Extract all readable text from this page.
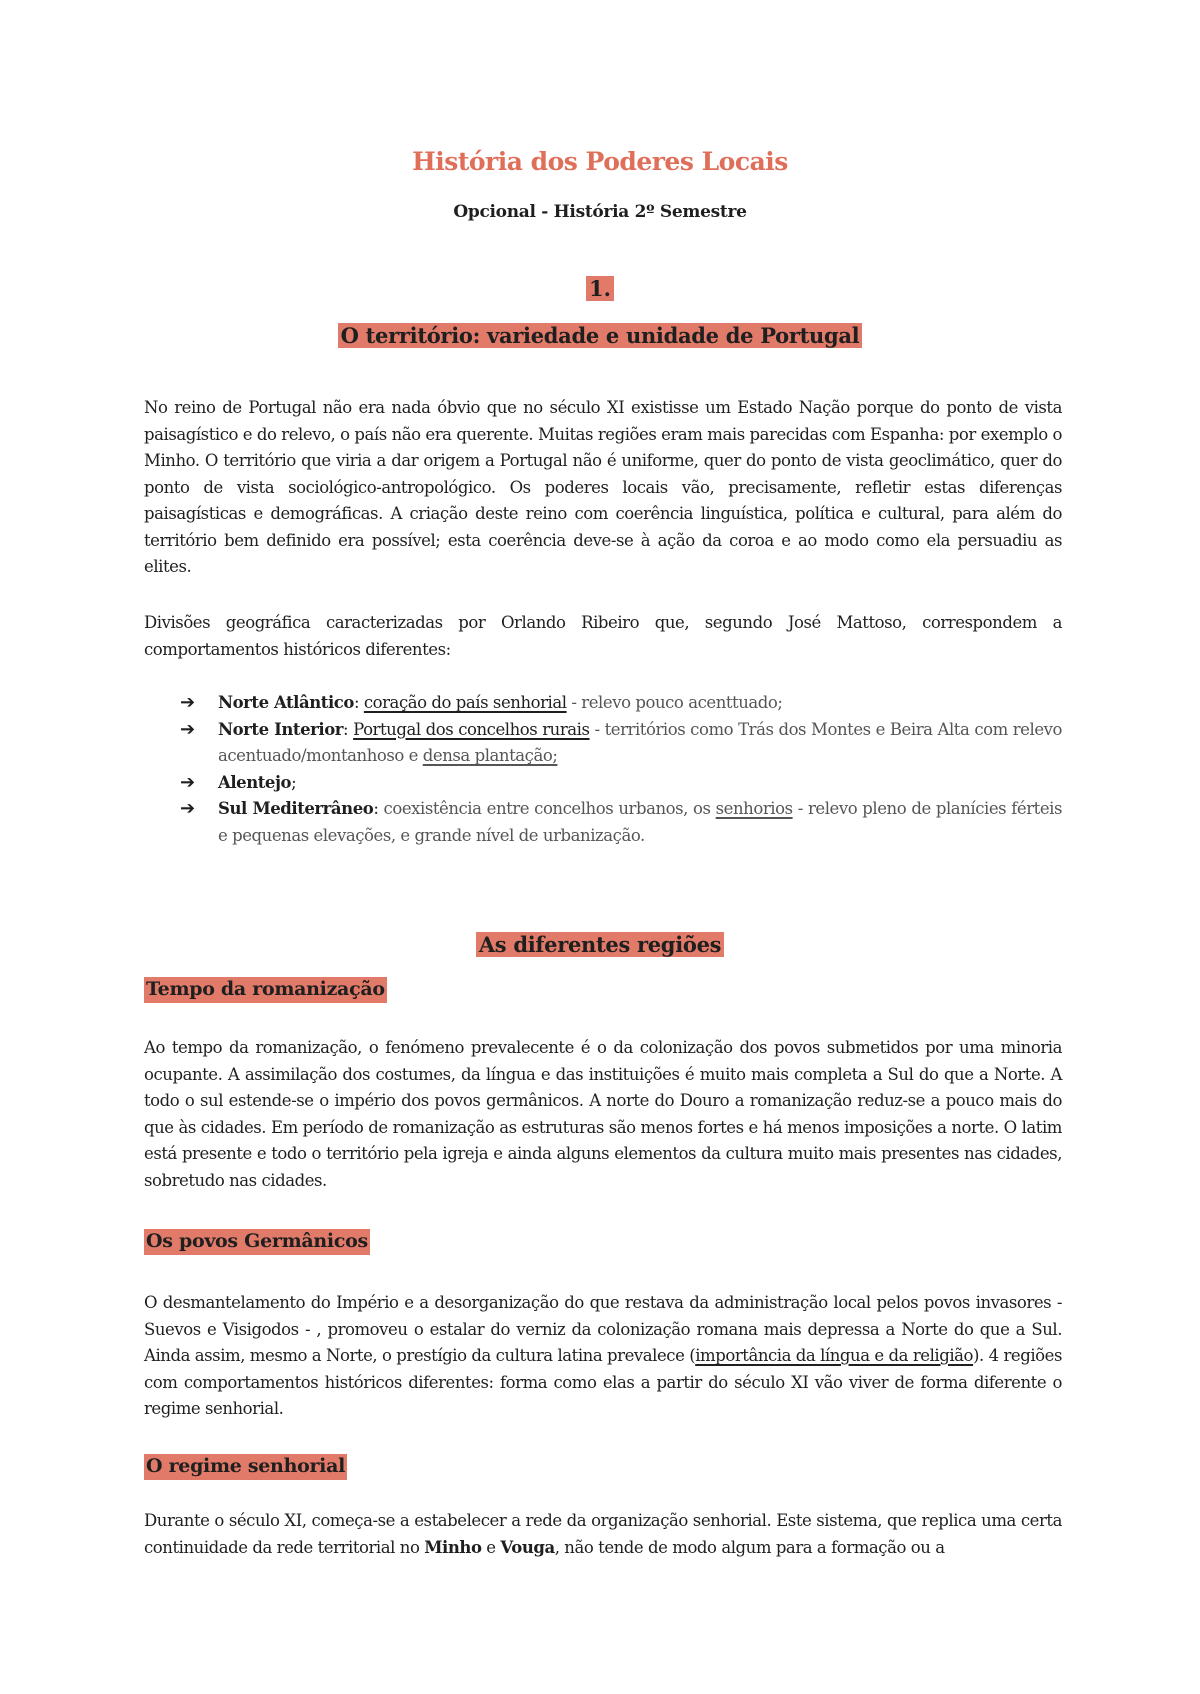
História dos Poderes Locais
Opcional - História 2º Semestre
1.
O território: variedade e unidade de Portugal

No reino de Portugal não era nada óbvio que no século XI existisse um Estado Nação porque do ponto de vista paisagístico e do relevo, o país não era querente. Muitas regiões eram mais parecidas com Espanha: por exemplo o Minho. O território que viria a dar origem a Portugal não é uniforme, quer do ponto de vista geoclimático, quer do ponto de vista sociológico-antropológico. Os poderes locais vão, precisamente, refletir estas diferenças paisagísticas e demográficas. A criação deste reino com coerência linguística, política e cultural, para além do território bem definido era possível; esta coerência deve-se à ação da coroa e ao modo como ela persuadiu as elites.

Divisões geográfica caracterizadas por Orlando Ribeiro que, segundo José Mattoso, correspondem a comportamentos históricos diferentes:

➔ Norte Atlântico: coração do país senhorial - relevo pouco acenttuado;
➔ Norte Interior: Portugal dos concelhos rurais - territórios como Trás dos Montes e Beira Alta com relevo acentuado/montanhoso e densa plantação;
➔ Alentejo;
➔ Sul Mediterrâneo: coexistência entre concelhos urbanos, os senhorios - relevo pleno de planícies férteis e pequenas elevações, e grande nível de urbanização.
As diferentes regiões
Tempo da romanização

Ao tempo da romanização, o fenómeno prevalecente é o da colonização dos povos submetidos por uma minoria ocupante. A assimilação dos costumes, da língua e das instituições é muito mais completa a Sul do que a Norte. A todo o sul estende-se o império dos povos germânicos. A norte do Douro a romanização reduz-se a pouco mais do que às cidades. Em período de romanização as estruturas são menos fortes e há menos imposições a norte. O latim está presente e todo o território pela igreja e ainda alguns elementos da cultura muito mais presentes nas cidades, sobretudo nas cidades.

Os povos Germânicos

O desmantelamento do Império e a desorganização do que restava da administração local pelos povos invasores - Suevos e Visigodos - , promoveu o estalar do verniz da colonização romana mais depressa a Norte do que a Sul. Ainda assim, mesmo a Norte, o prestígio da cultura latina prevalece (importância da língua e da religião). 4 regiões com comportamentos históricos diferentes: forma como elas a partir do século XI vão viver de forma diferente o regime senhorial.

O regime senhorial

Durante o século XI, começa-se a estabelecer a rede da organização senhorial. Este sistema, que replica uma certa continuidade da rede territorial no Minho e Vouga, não tende de modo algum para a formação ou a
